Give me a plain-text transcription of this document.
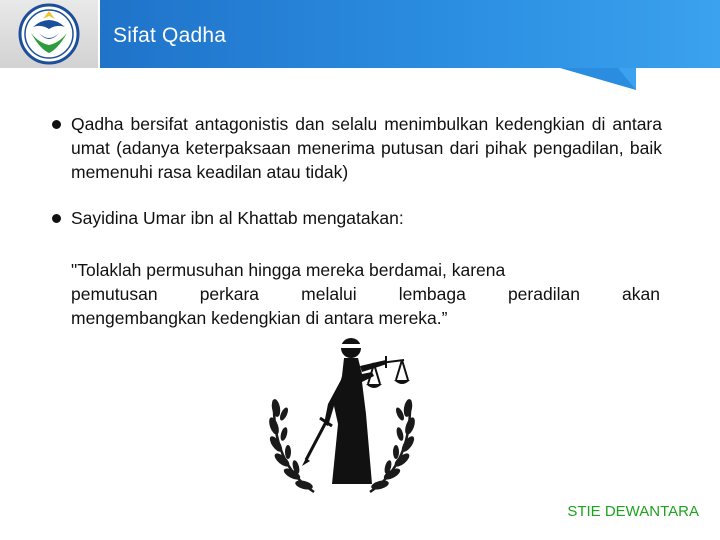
Sifat Qadha
Qadha bersifat antagonistis dan selalu menimbulkan kedengkian di antara umat (adanya keterpaksaan menerima putusan dari pihak pengadilan, baik memenuhi rasa keadilan atau tidak)
Sayidina Umar ibn al Khattab mengatakan:
"Tolaklah permusuhan hingga mereka berdamai, karena
pemutusan perkara melalui lembaga peradilan akan
mengembangkan kedengkian di antara mereka.”

STIE DEWANTARA
